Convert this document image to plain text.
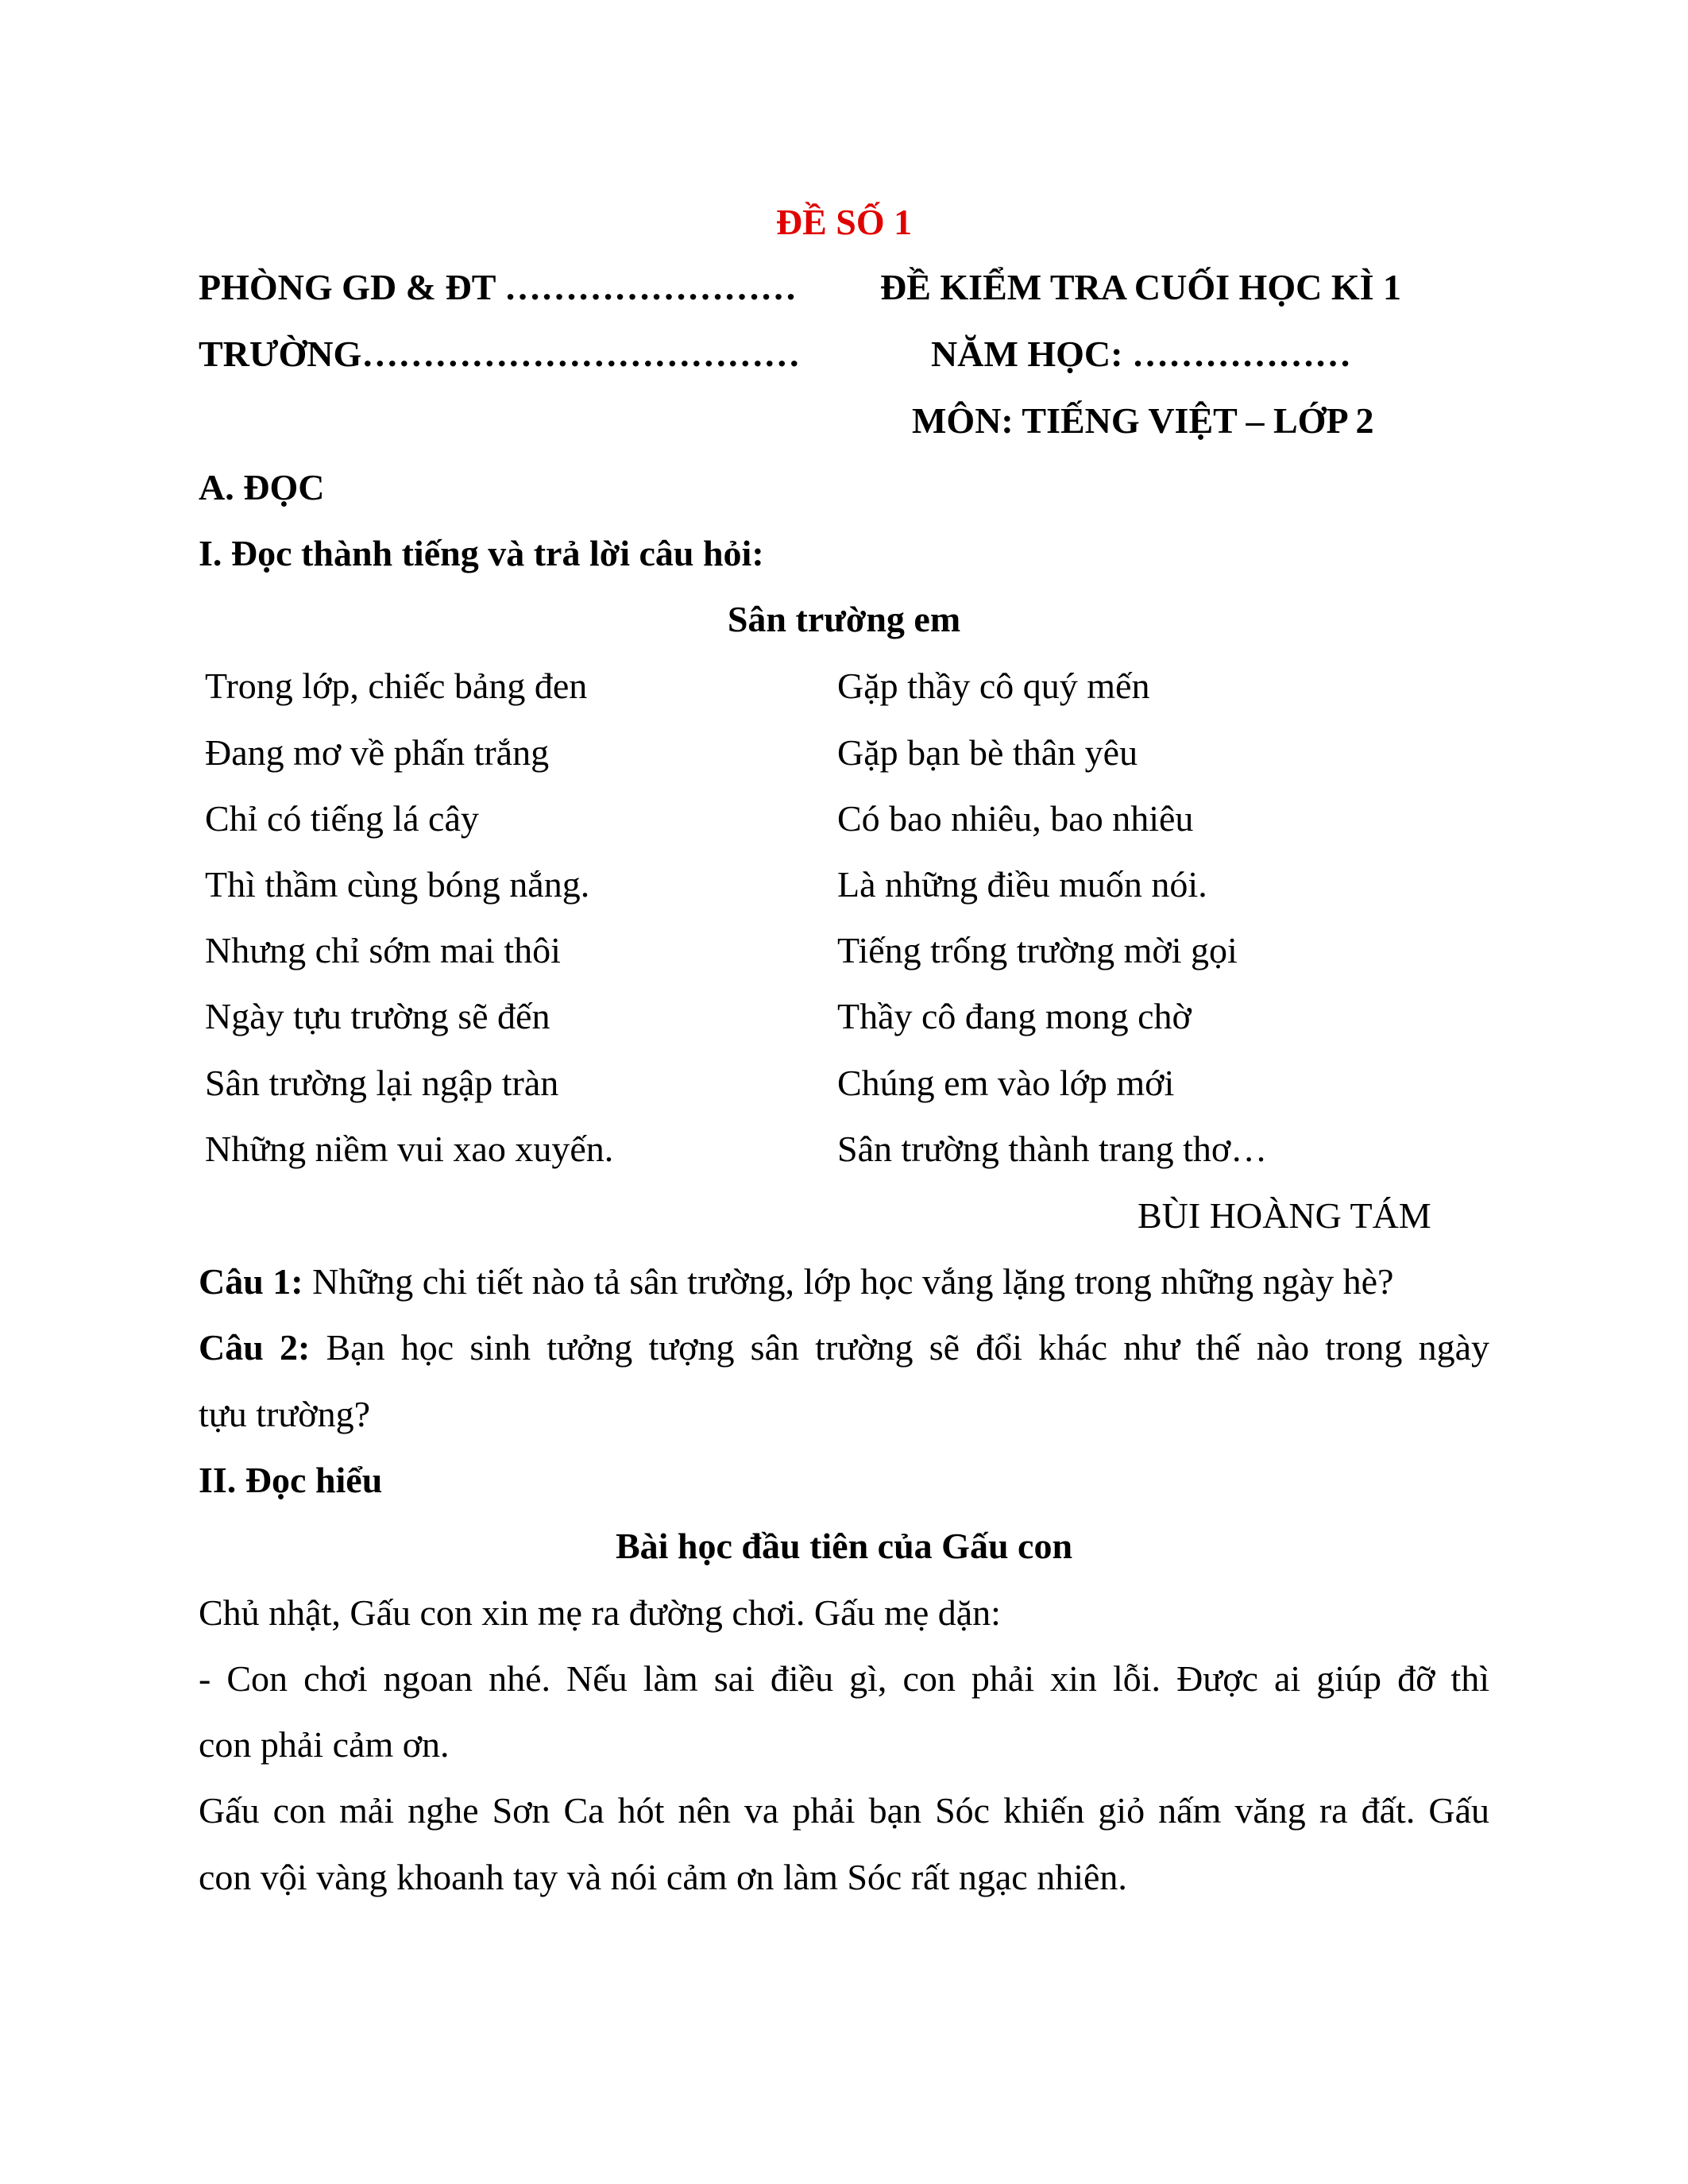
ĐỀ SỐ 1
PHÒNG GD & ĐT …………………… ĐỀ KIỂM TRA CUỐI HỌC KÌ 1
TRƯỜNG………………………………	NĂM HỌC: ………………
MÔN: TIẾNG VIỆT – LỚP 2
A. ĐỌC
I. Đọc thành tiếng và trả lời câu hỏi:
Sân trường em
Trong lớp, chiếc bảng đen
Đang mơ về phấn trắng
Chỉ có tiếng lá cây
Thì thầm cùng bóng nắng.
Nhưng chỉ sớm mai thôi
Ngày tựu trường sẽ đến
Sân trường lại ngập tràn
Những niềm vui xao xuyến.
Gặp thầy cô quý mến
Gặp bạn bè thân yêu
Có bao nhiêu, bao nhiêu
Là những điều muốn nói.
Tiếng trống trường mời gọi
Thầy cô đang mong chờ
Chúng em vào lớp mới
Sân trường thành trang thơ…
BÙI HOÀNG TÁM
Câu 1: Những chi tiết nào tả sân trường, lớp học vắng lặng trong những ngày hè?
Câu 2: Bạn học sinh tưởng tượng sân trường sẽ đổi khác như thế nào trong ngày
tựu trường?
II. Đọc hiểu
Bài học đầu tiên của Gấu con
Chủ nhật, Gấu con xin mẹ ra đường chơi. Gấu mẹ dặn:
- Con chơi ngoan nhé. Nếu làm sai điều gì, con phải xin lỗi. Được ai giúp đỡ thì
con phải cảm ơn.
Gấu con mải nghe Sơn Ca hót nên va phải bạn Sóc khiến giỏ nấm văng ra đất. Gấu
con vội vàng khoanh tay và nói cảm ơn làm Sóc rất ngạc nhiên.
